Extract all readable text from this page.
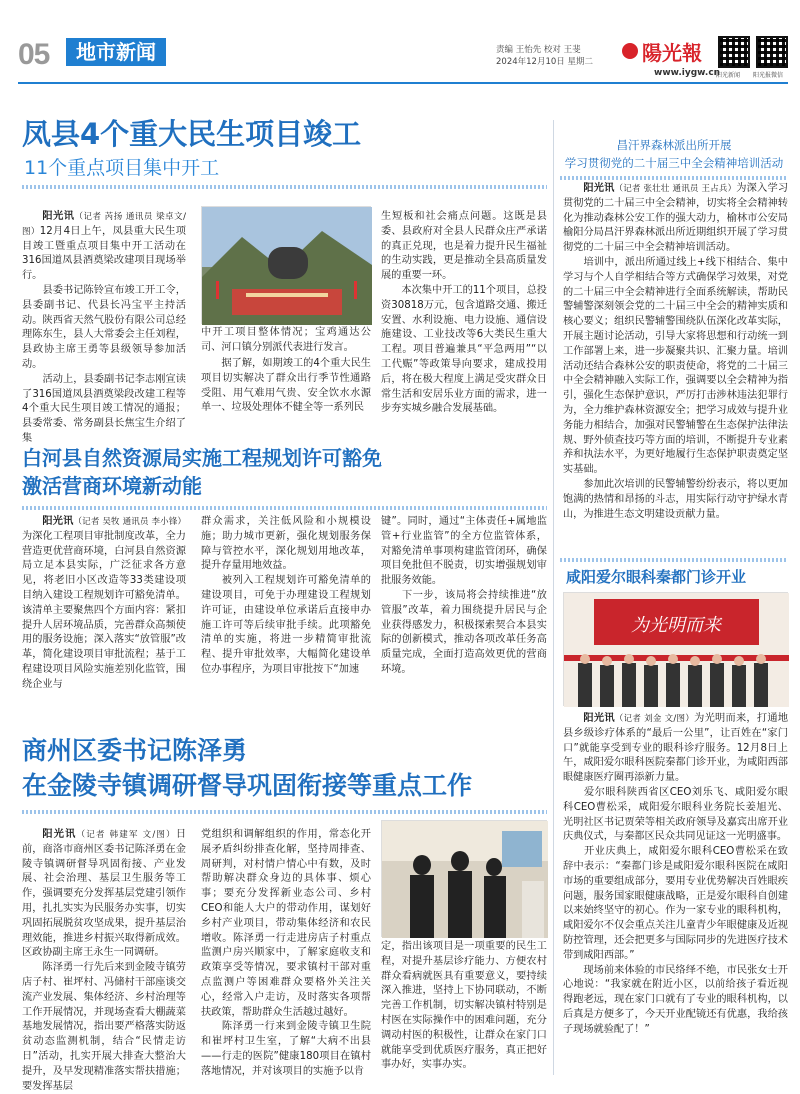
05	地市新闻	责编 王怡先 校对 王斐
2024年12月10日 星期二 陽光報
www.iygw.cn
阳光新闻 阳光报微信
凤县4个重大民生项目竣工
11个重点项目集中开工

阳光讯（记者 芮扬 通讯员 梁卓文/图）12月4日上午，凤县重大民生项目竣工暨重点项目集中开工活动在316国道凤县酒奠梁改建项目现场举行。
县委书记陈铃宣布竣工开工令，县委副书记、代县长冯宝平主持活动。陕西省天然气股份有限公司总经理陈东生，县人大常委会主任刘程，县政协主席王勇等县级领导参加活动。
活动上，县委副书记李志刚宣读了316国道凤县酒奠梁段改建工程等4个重大民生项目竣工情况的通报；县委常委、常务副县长焦宝生介绍了集

中开工项目整体情况；宝鸡通达公司、河口镇分别派代表进行发言。
据了解，如期竣工的4个重大民生项目切实解决了群众出行季节性通路受阻、用气难用气贵、安全饮水水源单一、垃圾处理体不健全等一系列民
生短板和社会痛点问题。这既是县委、县政府对全县人民群众庄严承诺的真正兑现，也是着力提升民生福祉的生动实践，更是推动全县高质量发展的重要一环。
本次集中开工的11个项目，总投资30818万元，包含道路交通、搬迁安置、水利设施、电力设施、通信设施建设、工业技改等6大类民生重大工程。项目普遍兼具“平急两用”“以工代赈”等政策导向要求，建成投用后，将在极大程度上满足受灾群众日常生活和安居乐业方面的需求，进一步夯实城乡融合发展基础。
白河县自然资源局实施工程规划许可豁免
激活营商环境新动能

阳光讯（记者 吴牧 通讯员 李小锋）为深化工程项目审批制度改革，全力营造更优营商环境，白河县自然资源局立足本县实际，广泛征求各方意见，将老旧小区改造等33类建设项目纳入建设工程规划许可豁免清单。该清单主要聚焦四个方面内容：紧扣提升人居环境品质，完善群众高频使用的服务设施；深入落实“放管服”改革，简化建设项目审批流程；基于工程建设项目风险实施差别化监管，围绕企业与

群众需求，关注低风险和小规模设施；助力城市更新，强化规划服务保障与管控水平，深化规划用地改革，提升存量用地效益。
被列入工程规划许可豁免清单的建设项目，可免于办理建设工程规划许可证，由建设单位承诺后直接申办施工许可等后续审批手续。此项豁免清单的实施，将进一步精简审批流程、提升审批效率，大幅简化建设单位办事程序，为项目审批按下“加速
键”。同时，通过“主体责任+属地监管+行业监管”的全方位监管体系，对豁免清单事项构建监管闭环，确保项目免批但不脱责，切实增强规划审批服务效能。
下一步，该局将会持续推进“放管服”改革，着力围绕提升居民与企业获得感发力，积极探索契合本县实际的创新模式，推动各项改革任务高质量完成，全面打造高效更优的营商环境。
商州区委书记陈泽勇
在金陵寺镇调研督导巩固衔接等重点工作

阳光讯（记者 韩建军 文/图）日前，商洛市商州区委书记陈泽勇在金陵寺镇调研督导巩固衔接、产业发展、社会治理、基层卫生服务等工作，强调要充分发挥基层党建引领作用，扎扎实实为民服务办实事，切实巩固拓展脱贫攻坚成果，提升基层治理效能，推进乡村振兴取得新成效。区政协副主席王永生一同调研。
陈泽勇一行先后来到金陵寺镇劳店子村、崔坪村、冯储村干部座谈交流产业发展、集体经济、乡村治理等工作开展情况，并现场查看大棚蔬菜基地发展情况，指出要严格落实防返贫动态监测机制，结合“民情走访日”活动，扎实开展大排查大整治大提升，及早发现精准落实帮扶措施；要发挥基层

党组织和调解组织的作用，常态化开展矛盾纠纷排查化解，坚持周排查、周研判，对村情户情心中有数，及时帮助解决群众身边的具体事、烦心事；要充分发挥新业态公司、乡村CEO和能人大户的带动作用，谋划好乡村产业项目，带动集体经济和农民增收。陈泽勇一行走进房店子村重点监测户房兴顺家中，了解家庭收支和政策享受等情况，要求镇村干部对重点监测户等困难群众要格外关注关心，经常入户走访，及时落实各项帮扶政策，帮助群众生活越过越好。
陈泽勇一行来到金陵寺镇卫生院和崔坪村卫生室，了解“大病不出县——行走的医院”健康180项目在镇村落地情况，并对该项目的实施予以肯
定，指出该项目是一项重要的民生工程，对提升基层诊疗能力、方便农村群众看病就医具有重要意义，要持续深入推进，坚持上下协同联动，不断完善工作机制，切实解决镇村特别是村医在实际操作中的困难问题，充分调动村医的积极性，让群众在家门口就能享受到优质医疗服务，真正把好事办好，实事办实。
昌汗界森林派出所开展
学习贯彻党的二十届三中全会精神培训活动

阳光讯（记者 张壮壮 通讯员 王占兵）为深入学习贯彻党的二十届三中全会精神，切实将全会精神转化为推动森林公安工作的强大动力，榆林市公安局榆阳分局昌汗界森林派出所近期组织开展了学习贯彻党的二十届三中全会精神培训活动。
培训中，派出所通过线上+线下相结合、集中学习与个人自学相结合等方式确保学习效果，对党的二十届三中全会精神进行全面系统解读，帮助民警辅警深刻领会党的二十届三中全会的精神实质和核心要义；组织民警辅警围绕队伍深化改革实际，开展主题讨论活动，引导大家将思想和行动统一到工作部署上来，进一步凝聚共识、汇聚力量。培训活动还结合森林公安的职责使命，将党的二十届三中全会精神融入实际工作，强调要以全会精神为指引，强化生态保护意识，严厉打击涉林违法犯罪行为，全力维护森林资源安全；把学习成效与提升业务能力相结合，加强对民警辅警在生态保护法律法规、野外侦查技巧等方面的培训，不断提升专业素养和执法水平，为更好地履行生态保护职责奠定坚实基础。
参加此次培训的民警辅警纷纷表示，将以更加饱满的热情和昂扬的斗志，用实际行动守护绿水青山，为推进生态文明建设贡献力量。

咸阳爱尔眼科秦都门诊开业
为光明而来

阳光讯（记者 刘金 文/图）为光明而来，打通地县乡级诊疗体系的“最后一公里”，让百姓在“家门口”就能享受到专业的眼科诊疗服务。12月8日上午，咸阳爱尔眼科医院秦都门诊开业，为咸阳西部眼健康医疗圈再添新力量。
爱尔眼科陕西省区CEO刘乐飞、咸阳爱尔眼科CEO曹松采，咸阳爱尔眼科业务院长姜旭光、光明社区书记贾荣等相关政府领导及嘉宾出席开业庆典仪式，与秦都区民众共同见证这一光明盛事。
开业庆典上，咸阳爱尔眼科CEO曹松采在致辞中表示：“秦都门诊是咸阳爱尔眼科医院在咸阳市场的重要组成部分，要用专业优势解决百姓眼疾问题，服务国家眼健康战略，正是爱尔眼科自创建以来始终坚守的初心。作为一家专业的眼科机构，咸阳爱尔不仅会重点关注儿童青少年眼健康及近视防控管理，还会把更多与国际同步的先进医疗技术带到咸阳西部。”
现场前来体验的市民络绎不绝，市民张女士开心地说：“我家就在附近小区，以前给孩子看近视得跑老远，现在家门口就有了专业的眼科机构，以后真是方便多了，今天开业配镜还有优惠，我给孩子现场就验配了！”
